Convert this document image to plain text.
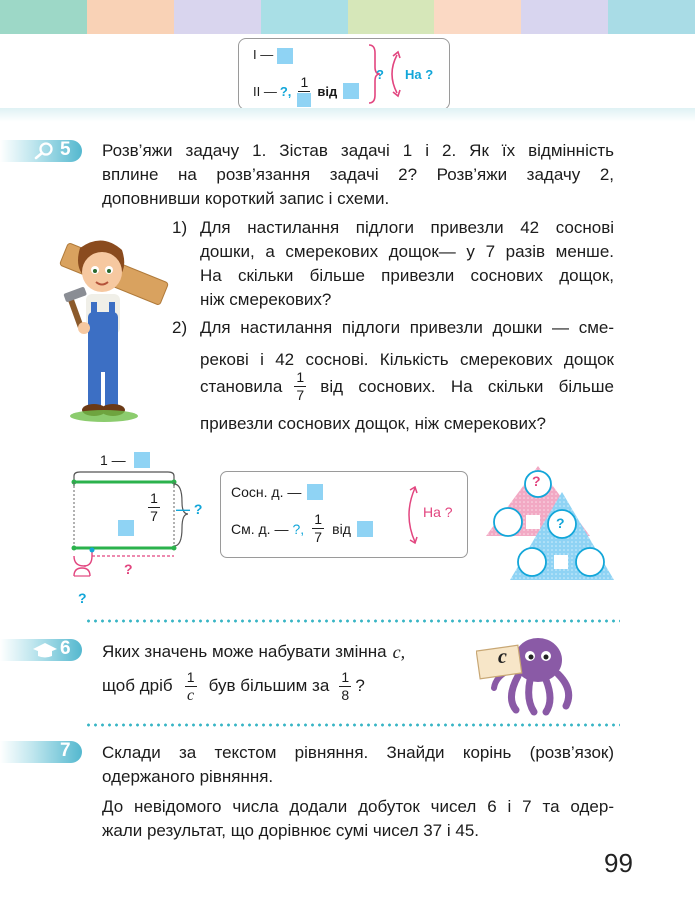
I —
II — ?,
1
від
? На ?
5 Розв’яжи задачу 1. Зістав задачі 1 і 2. Як їх відмінність
вплине на розв’язання задачі 2? Розв’яжи задачу 2,
доповнивши короткий запис і схеми.
1) Для настилання підлоги привезли 42 соснові
дошки, а смерекових дощок— у 7 разів менше.
На скільки більше привезли соснових дощок,
ніж смерекових?
2) Для настилання підлоги привезли дошки — сме-
рекові і 42 соснові. Кількість смерекових дощок
становила $\frac{1}{7}$ від соснових. На скільки більше
привезли соснових дощок, ніж смерекових?
1 —
1
7 — ?
?
?
Сосн. д. —
См. д. — ?, $\frac{1}{7}$ від
На ?
?
?
6 Яких значень може набувати змінна c,
щоб дріб $\frac{1}{c}$ був більшим за $\frac{1}{8}$ ?
c
7 Склади за текстом рівняння. Знайди корінь (розв’язок)
одержаного рівняння.
До невідомого числа додали добуток чисел 6 і 7 та одер-
жали результат, що дорівнює сумі чисел 37 і 45.
99
